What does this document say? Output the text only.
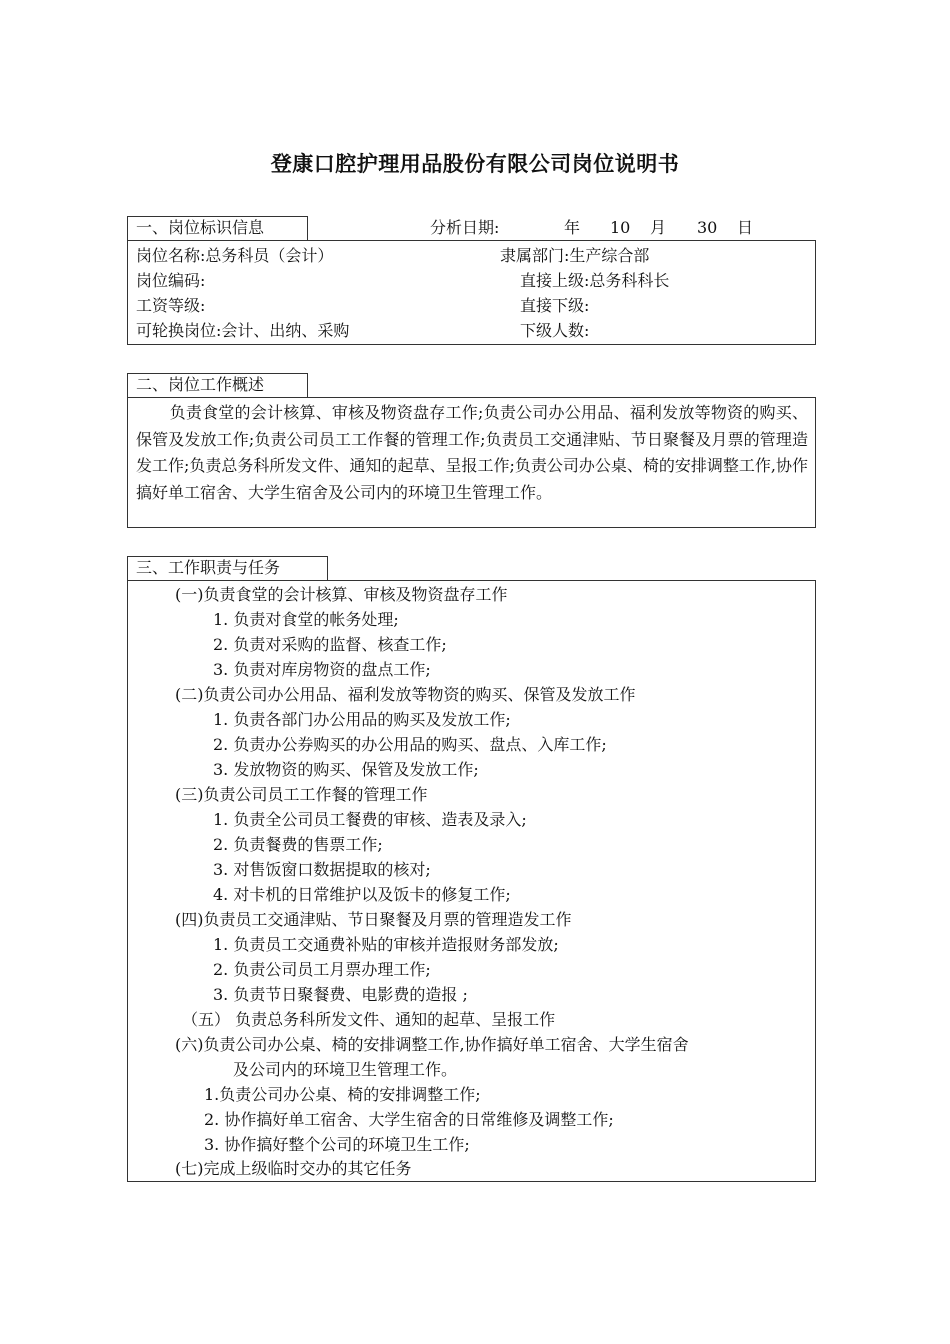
登康口腔护理用品股份有限公司岗位说明书
一、岗位标识信息	分析日期:	年 10 月 30 日
岗位名称:总务科员（会计）
岗位编码:
工资等级:
可轮换岗位:会计、出纳、采购
隶属部门:生产综合部
直接上级:总务科科长
直接下级:
下级人数:
二、岗位工作概述
负责食堂的会计核算、审核及物资盘存工作;负责公司办公用品、福利发放等物资的购买、保管及发放工作;负责公司员工工作餐的管理工作;负责员工交通津贴、节日聚餐及月票的管理造发工作;负责总务科所发文件、通知的起草、呈报工作;负责公司办公桌、椅的安排调整工作,协作搞好单工宿舍、大学生宿舍及公司内的环境卫生管理工作。
三、工作职责与任务
(一)负责食堂的会计核算、审核及物资盘存工作
1. 负责对食堂的帐务处理;
2. 负责对采购的监督、核查工作;
3. 负责对库房物资的盘点工作;
(二)负责公司办公用品、福利发放等物资的购买、保管及发放工作
1. 负责各部门办公用品的购买及发放工作;
2. 负责办公券购买的办公用品的购买、盘点、入库工作;
3. 发放物资的购买、保管及发放工作;
(三)负责公司员工工作餐的管理工作
1. 负责全公司员工餐费的审核、造表及录入;
2. 负责餐费的售票工作;
3. 对售饭窗口数据提取的核对;
4. 对卡机的日常维护以及饭卡的修复工作;
(四)负责员工交通津贴、节日聚餐及月票的管理造发工作
1. 负责员工交通费补贴的审核并造报财务部发放;
2. 负责公司员工月票办理工作;
3. 负责节日聚餐费、电影费的造报 ;
（五） 负责总务科所发文件、通知的起草、呈报工作
(六)负责公司办公桌、椅的安排调整工作,协作搞好单工宿舍、大学生宿舍
及公司内的环境卫生管理工作。
1.负责公司办公桌、椅的安排调整工作;
2. 协作搞好单工宿舍、大学生宿舍的日常维修及调整工作;
3. 协作搞好整个公司的环境卫生工作;
(七)完成上级临时交办的其它任务
